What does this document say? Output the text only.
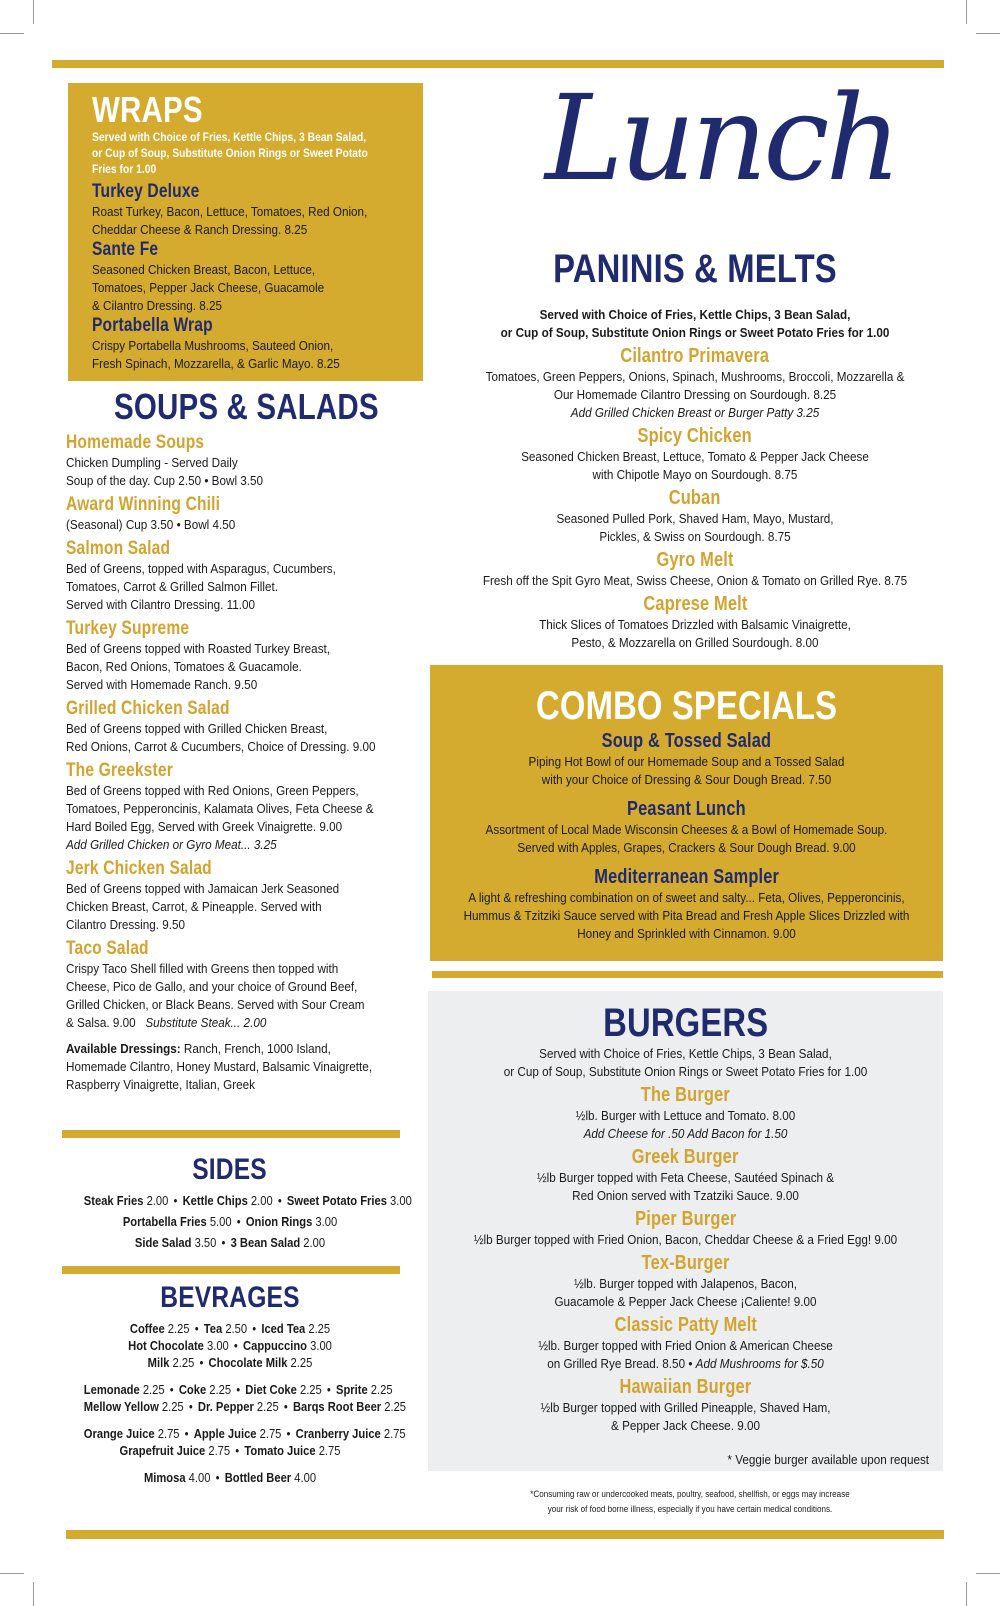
WRAPS
Served with Choice of Fries, Kettle Chips, 3 Bean Salad,
or Cup of Soup, Substitute Onion Rings or Sweet Potato
Fries for 1.00
Turkey Deluxe
Roast Turkey, Bacon, Lettuce, Tomatoes, Red Onion,
Cheddar Cheese & Ranch Dressing. 8.25
Sante Fe
Seasoned Chicken Breast, Bacon, Lettuce,
Tomatoes, Pepper Jack Cheese, Guacamole
& Cilantro Dressing. 8.25
Portabella Wrap
Crispy Portabella Mushrooms, Sauteed Onion,
Fresh Spinach, Mozzarella, & Garlic Mayo. 8.25
SOUPS & SALADS
Homemade Soups
Chicken Dumpling - Served Daily
Soup of the day. Cup 2.50 • Bowl 3.50
Award Winning Chili
(Seasonal) Cup 3.50 • Bowl 4.50
Salmon Salad
Bed of Greens, topped with Asparagus, Cucumbers,
Tomatoes, Carrot & Grilled Salmon Fillet.
Served with Cilantro Dressing. 11.00
Turkey Supreme
Bed of Greens topped with Roasted Turkey Breast,
Bacon, Red Onions, Tomatoes & Guacamole.
Served with Homemade Ranch. 9.50
Grilled Chicken Salad
Bed of Greens topped with Grilled Chicken Breast,
Red Onions, Carrot & Cucumbers, Choice of Dressing. 9.00
The Greekster
Bed of Greens topped with Red Onions, Green Peppers,
Tomatoes, Pepperoncinis, Kalamata Olives, Feta Cheese &
Hard Boiled Egg, Served with Greek Vinaigrette. 9.00
Add Grilled Chicken or Gyro Meat... 3.25
Jerk Chicken Salad
Bed of Greens topped with Jamaican Jerk Seasoned
Chicken Breast, Carrot, & Pineapple. Served with
Cilantro Dressing. 9.50
Taco Salad
Crispy Taco Shell filled with Greens then topped with
Cheese, Pico de Gallo, and your choice of Ground Beef,
Grilled Chicken, or Black Beans. Served with Sour Cream
& Salsa. 9.00 Substitute Steak... 2.00
Available Dressings: Ranch, French, 1000 Island,
Homemade Cilantro, Honey Mustard, Balsamic Vinaigrette,
Raspberry Vinaigrette, Italian, Greek
SIDES
Steak Fries 2.00 • Kettle Chips 2.00 • Sweet Potato Fries 3.00
Portabella Fries 5.00 • Onion Rings 3.00
Side Salad 3.50 • 3 Bean Salad 2.00
BEVRAGES
Coffee 2.25 • Tea 2.50 • Iced Tea 2.25
Hot Chocolate 3.00 • Cappuccino 3.00
Milk 2.25 • Chocolate Milk 2.25
Lemonade 2.25 • Coke 2.25 • Diet Coke 2.25 • Sprite 2.25
Mellow Yellow 2.25 • Dr. Pepper 2.25 • Barqs Root Beer 2.25
Orange Juice 2.75 • Apple Juice 2.75 • Cranberry Juice 2.75
Grapefruit Juice 2.75 • Tomato Juice 2.75
Mimosa 4.00 • Bottled Beer 4.00
Lunch
PANINIS & MELTS
Served with Choice of Fries, Kettle Chips, 3 Bean Salad,
or Cup of Soup, Substitute Onion Rings or Sweet Potato Fries for 1.00
Cilantro Primavera
Tomatoes, Green Peppers, Onions, Spinach, Mushrooms, Broccoli, Mozzarella &
Our Homemade Cilantro Dressing on Sourdough. 8.25
Add Grilled Chicken Breast or Burger Patty 3.25
Spicy Chicken
Seasoned Chicken Breast, Lettuce, Tomato & Pepper Jack Cheese
with Chipotle Mayo on Sourdough. 8.75
Cuban
Seasoned Pulled Pork, Shaved Ham, Mayo, Mustard,
Pickles, & Swiss on Sourdough. 8.75
Gyro Melt
Fresh off the Spit Gyro Meat, Swiss Cheese, Onion & Tomato on Grilled Rye. 8.75
Caprese Melt
Thick Slices of Tomatoes Drizzled with Balsamic Vinaigrette,
Pesto, & Mozzarella on Grilled Sourdough. 8.00
COMBO SPECIALS Soup & Tossed Salad
Piping Hot Bowl of our Homemade Soup and a Tossed Salad
with your Choice of Dressing & Sour Dough Bread. 7.50
Peasant Lunch
Assortment of Local Made Wisconsin Cheeses & a Bowl of Homemade Soup.
Served with Apples, Grapes, Crackers & Sour Dough Bread. 9.00
Mediterranean Sampler
A light & refreshing combination on of sweet and salty... Feta, Olives, Pepperoncinis,
Hummus & Tzitziki Sauce served with Pita Bread and Fresh Apple Slices Drizzled with
Honey and Sprinkled with Cinnamon. 9.00
BURGERS
Served with Choice of Fries, Kettle Chips, 3 Bean Salad,
or Cup of Soup, Substitute Onion Rings or Sweet Potato Fries for 1.00
The Burger
½lb. Burger with Lettuce and Tomato. 8.00
Add Cheese for .50 Add Bacon for 1.50
Greek Burger
½lb Burger topped with Feta Cheese, Sautéed Spinach &
Red Onion served with Tzatziki Sauce. 9.00
Piper Burger
½lb Burger topped with Fried Onion, Bacon, Cheddar Cheese & a Fried Egg! 9.00
Tex-Burger
½lb. Burger topped with Jalapenos, Bacon,
Guacamole & Pepper Jack Cheese ¡Caliente! 9.00
Classic Patty Melt
½lb. Burger topped with Fried Onion & American Cheese
on Grilled Rye Bread. 8.50 • Add Mushrooms for $.50
Hawaiian Burger
½lb Burger topped with Grilled Pineapple, Shaved Ham,
& Pepper Jack Cheese. 9.00
* Veggie burger available upon request
*Consuming raw or undercooked meats, poultry, seafood, shellfish, or eggs may increase
your risk of food borne illness, especially if you have certain medical conditions.
